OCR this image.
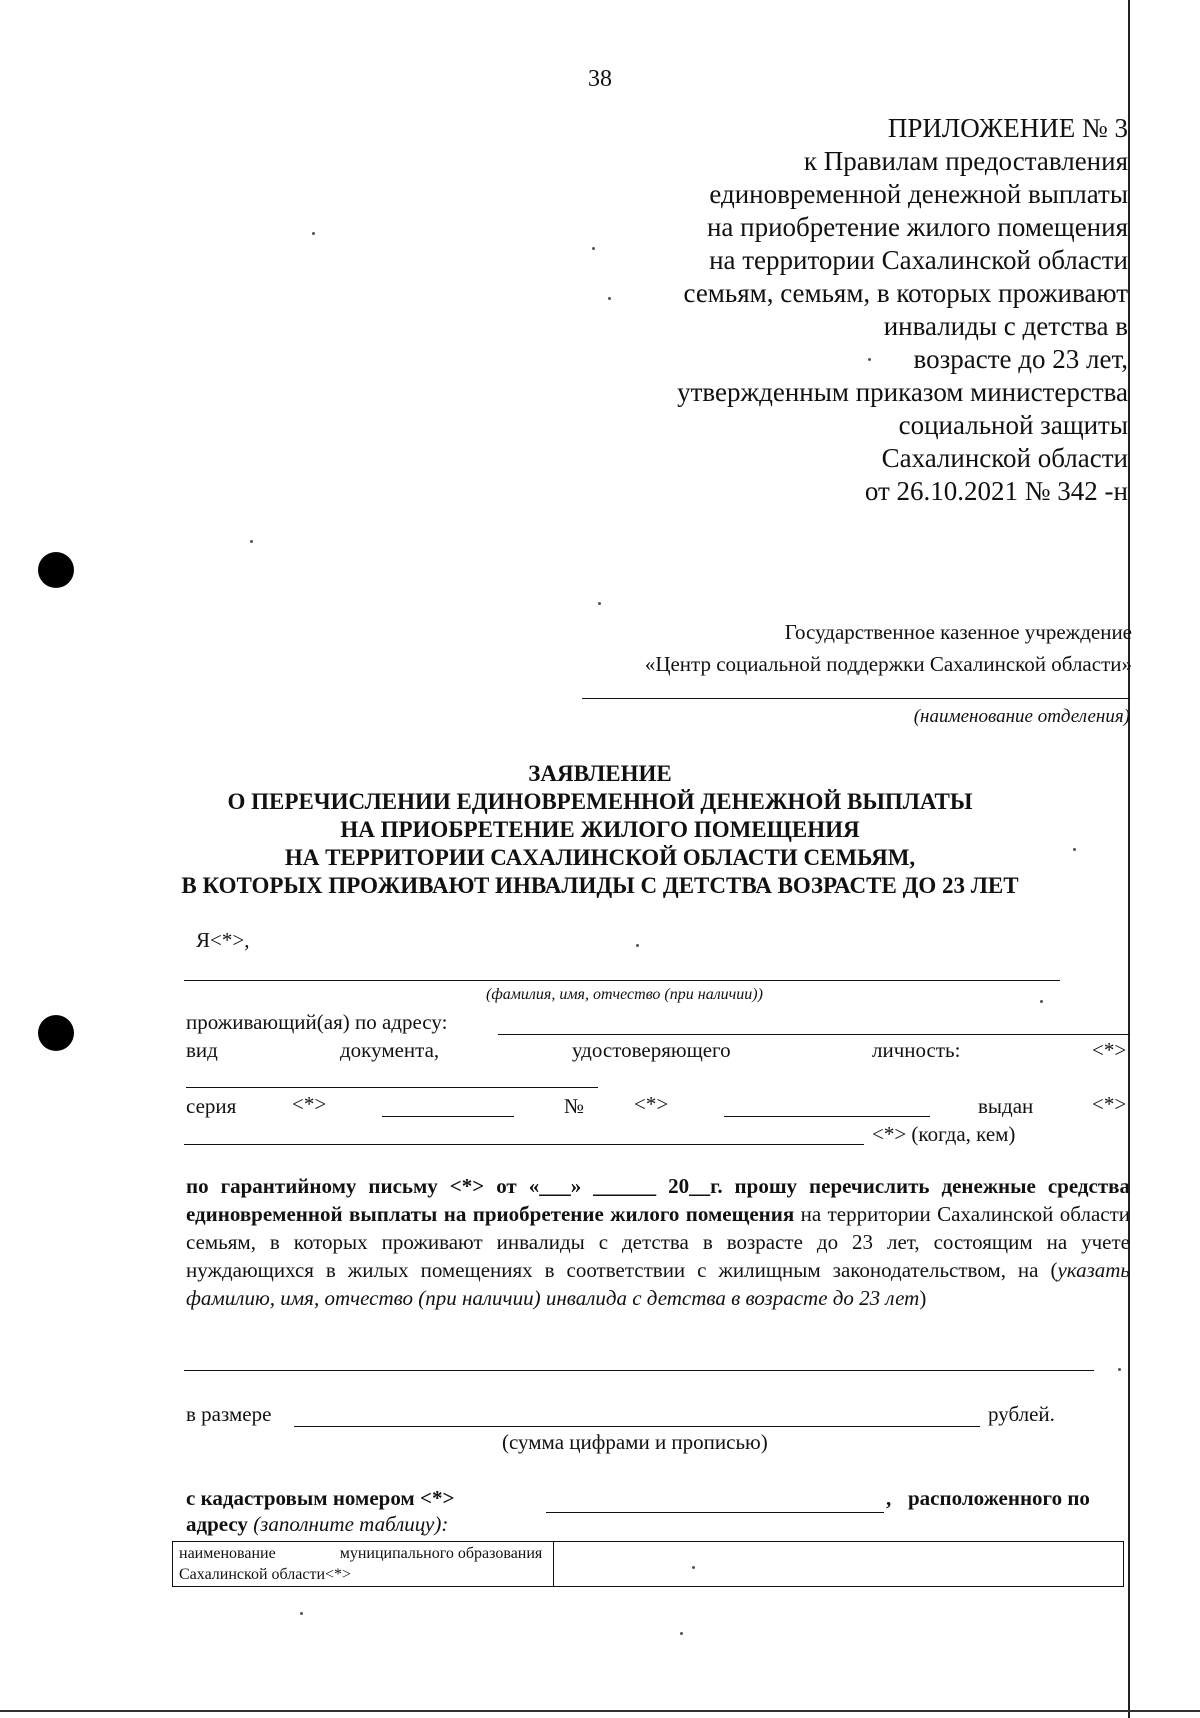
38
ПРИЛОЖЕНИЕ № 3
к Правилам предоставления
единовременной денежной выплаты
на приобретение жилого помещения
на территории Сахалинской области
семьям, семьям, в которых проживают
инвалиды с детства в
возрасте до 23 лет,
утвержденным приказом министерства
социальной защиты
Сахалинской области
от 26.10.2021 № 342 -н
Государственное казенное учреждение
«Центр социальной поддержки Сахалинской области»
(наименование отделения)
ЗАЯВЛЕНИЕ
О ПЕРЕЧИСЛЕНИИ ЕДИНОВРЕМЕННОЙ ДЕНЕЖНОЙ ВЫПЛАТЫ
НА ПРИОБРЕТЕНИЕ ЖИЛОГО ПОМЕЩЕНИЯ
НА ТЕРРИТОРИИ САХАЛИНСКОЙ ОБЛАСТИ СЕМЬЯМ,
В КОТОРЫХ ПРОЖИВАЮТ ИНВАЛИДЫ С ДЕТСТВА ВОЗРАСТЕ ДО 23 ЛЕТ
Я<*>,
(фамилия, имя, отчество (при наличии))
проживающий(ая) по адресу:
вид	документа,	удостоверяющего	личность:	<*>
серия	<*>	№ <*>	выдан	<*>
<*> (когда, кем)
по гарантийному письму <*> от «___» ______ 20__г. прошу перечислить денежные средства единовременной выплаты на приобретение жилого помещения на территории Сахалинской области семьям, в которых проживают инвалиды с детства в возрасте до 23 лет, состоящим на учете нуждающихся в жилых помещениях в соответствии с жилищным законодательством, на (указать фамилию, имя, отчество (при наличии) инвалида с детства в возрасте до 23 лет)
в размере	рублей.
(сумма цифрами и прописью)
с кадастровым номером <*>	, расположенного по
адресу (заполните таблицу):
наименование                муниципального образования Сахалинской области<*>	
